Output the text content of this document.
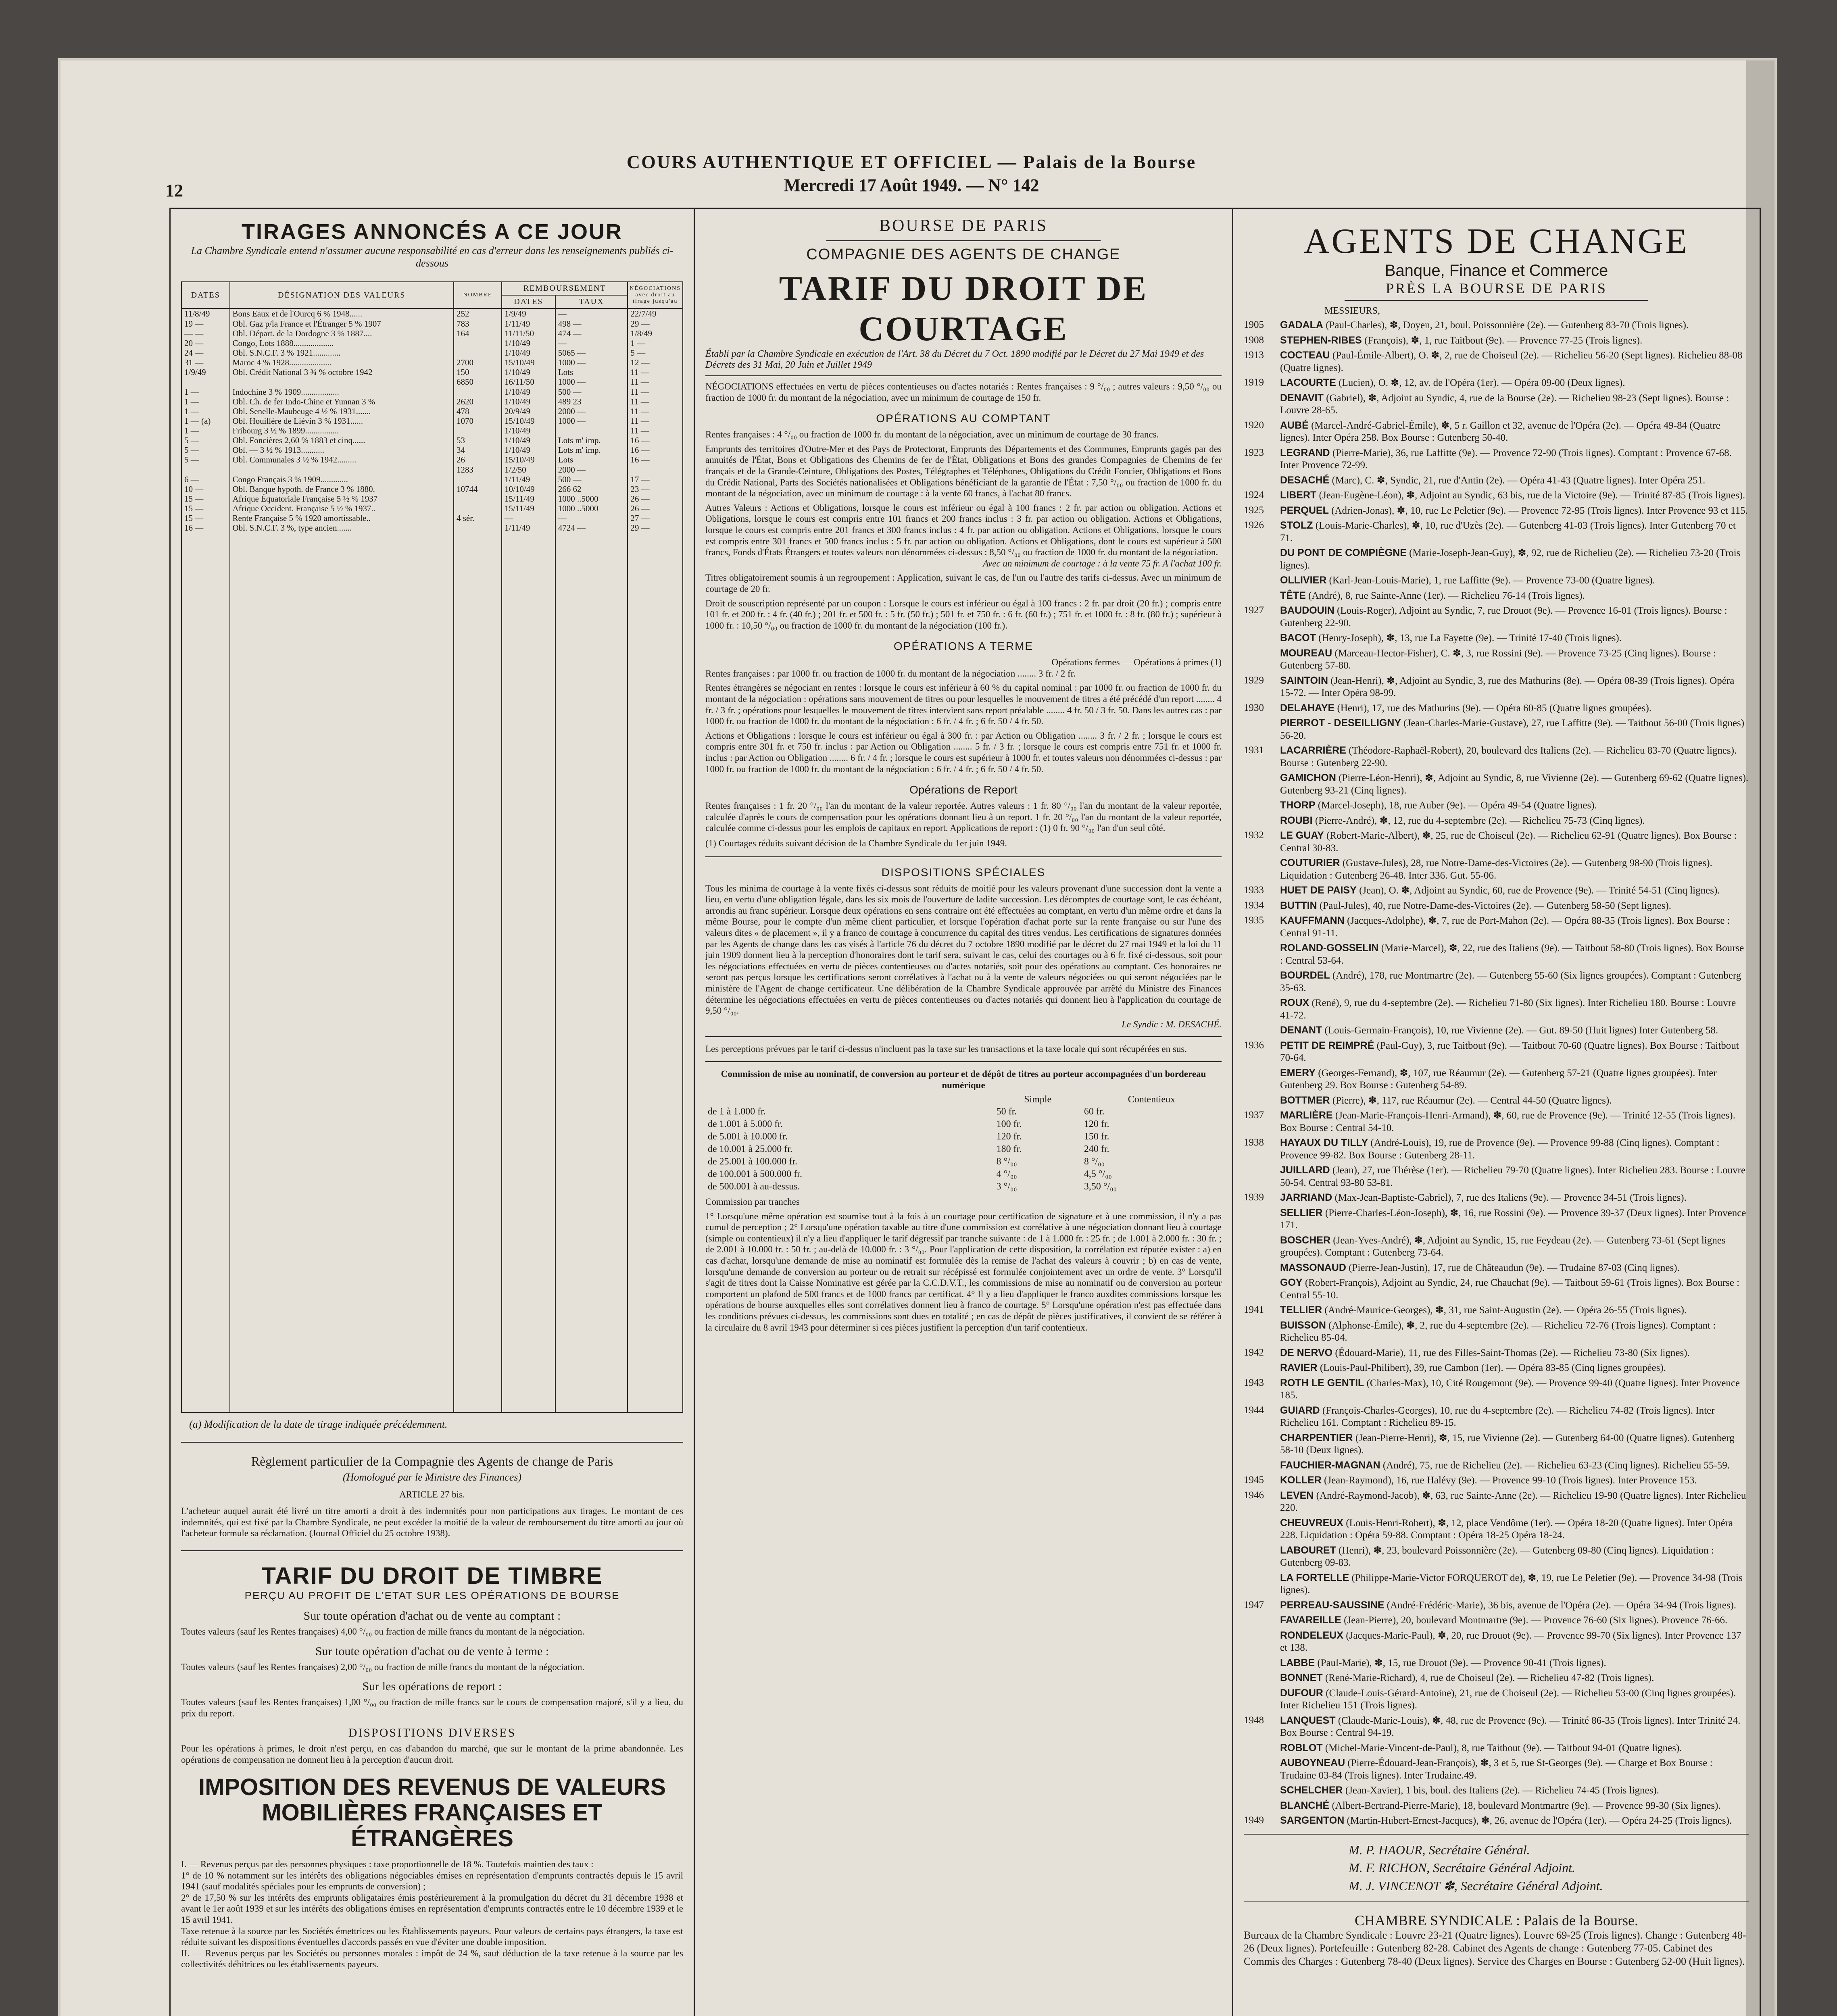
12
COURS AUTHENTIQUE ET OFFICIEL — Palais de la Bourse
Mercredi 17 Août 1949. — N° 142
TIRAGES ANNONCÉS A CE JOUR
La Chambre Syndicale entend n'assumer aucune responsabilité en cas d'erreur dans les renseignements publiés ci-dessous
DATES	DÉSIGNATION DES VALEURS	NOMBRE	REMBOURSEMENT		NÉGOCIATIONS avec droit au tirage jusqu'au
			DATES	TAUX	
11/8/49	Bons Eaux et de l'Ourcq 6 % 1948......	252	1/9/49	—	22/7/49
19 —	Obl. Gaz p/la France et l'Étranger 5 % 1907	783	1/11/49	498 —	29 —
— —	Obl. Départ. de la Dordogne 3 % 1887....	164	11/11/50	474 —	1/8/49
20 —	Congo, Lots 1888...................		1/10/49	—	1 —
24 —	Obl. S.N.C.F. 3 % 1921.............		1/10/49	5065 —	5 —
31 —	Maroc 4 % 1928....................	2700	15/10/49	1000 —	12 —
1/9/49	Obl. Crédit National 3 ¾ % octobre 1942	150	1/10/49	Lots	11 —
		6850	16/11/50	1000 —	11 —
1 —	Indochine 3 % 1909..................		1/10/49	500 —	11 —
1 —	Obl. Ch. de fer Indo-Chine et Yunnan 3 %	2620	1/10/49	489 23	11 —
1 —	Obl. Senelle-Maubeuge 4 ½ % 1931.......	478	20/9/49	2000 —	11 —
1 — (a)	Obl. Houillère de Liévin 3 % 1931......	1070	15/10/49	1000 —	11 —
1 —	Fribourg 3 ½ % 1899................		1/10/49		11 —
5 —	Obl. Foncières 2,60 % 1883 et cinq......	53	1/10/49	Lots m' imp.	16 —
5 —	Obl. — 3 ½ % 1913...........	34	1/10/49	Lots m' imp.	16 —
5 —	Obl. Communales 3 ½ % 1942.........	26	15/10/49	Lots	16 —
		1283	1/2/50	2000 —	
6 —	Congo Français 3 % 1909.............		1/11/49	500 —	17 —
10 —	Obl. Banque hypoth. de France 3 % 1880.	10744	10/10/49	266 62	23 —
15 —	Afrique Équatoriale Française 5 ½ % 1937		15/11/49	1000 ..5000	26 —
15 —	Afrique Occident. Française 5 ½ % 1937..		15/11/49	1000 ..5000	26 —
15 —	Rente Française 5 % 1920 amortissable..	4 sér.	—	—	27 —
16 —	Obl. S.N.C.F. 3 %, type ancien.......		1/11/49	4724 —	29 —

(a) Modification de la date de tirage indiquée précédemment.
Règlement particulier de la Compagnie des Agents de change de Paris
(Homologué par le Ministre des Finances)
ARTICLE 27 bis.
L'acheteur auquel aurait été livré un titre amorti a droit à des indemnités pour non participations aux tirages. Le montant de ces indemnités, qui est fixé par la Chambre Syndicale, ne peut excéder la moitié de la valeur de remboursement du titre amorti au jour où l'acheteur formule sa réclamation. (Journal Officiel du 25 octobre 1938).
TARIF DU DROIT DE TIMBRE
PERÇU AU PROFIT DE L'ETAT SUR LES OPÉRATIONS DE BOURSE
Sur toute opération d'achat ou de vente au comptant :
Toutes valeurs (sauf les Rentes françaises) 4,00 °/₀₀ ou fraction de mille francs du montant de la négociation.
Sur toute opération d'achat ou de vente à terme :
Toutes valeurs (sauf les Rentes françaises) 2,00 °/₀₀ ou fraction de mille francs du montant de la négociation.
Sur les opérations de report :
Toutes valeurs (sauf les Rentes françaises) 1,00 °/₀₀ ou fraction de mille francs sur le cours de compensation majoré, s'il y a lieu, du prix du report.
DISPOSITIONS DIVERSES
Pour les opérations à primes, le droit n'est perçu, en cas d'abandon du marché, que sur le montant de la prime abandonnée. Les opérations de compensation ne donnent lieu à la perception d'aucun droit.
IMPOSITION DES REVENUS DE VALEURS MOBILIÈRES FRANÇAISES ET ÉTRANGÈRES
I. — Revenus perçus par des personnes physiques : taxe proportionnelle de 18 %. Toutefois maintien des taux :
1° de 10 % notamment sur les intérêts des obligations négociables émises en représentation d'emprunts contractés depuis le 15 avril 1941 (sauf modalités spéciales pour les emprunts de conversion) ;
2° de 17,50 % sur les intérêts des emprunts obligataires émis postérieurement à la promulgation du décret du 31 décembre 1938 et avant le 1er août 1939 et sur les intérêts des obligations émises en représentation d'emprunts contractés entre le 10 décembre 1939 et le 15 avril 1941.
Taxe retenue à la source par les Sociétés émettrices ou les Établissements payeurs. Pour valeurs de certains pays étrangers, la taxe est réduite suivant les dispositions éventuelles d'accords passés en vue d'éviter une double imposition.
II. — Revenus perçus par les Sociétés ou personnes morales : impôt de 24 %, sauf déduction de la taxe retenue à la source par les collectivités débitrices ou les établissements payeurs.
BOURSE DE PARIS
COMPAGNIE DES AGENTS DE CHANGE
TARIF DU DROIT DE COURTAGE
Établi par la Chambre Syndicale en exécution de l'Art. 38 du Décret du 7 Oct. 1890 modifié par le Décret du 27 Mai 1949 et des Décrets des 31 Mai, 20 Juin et Juillet 1949
NÉGOCIATIONS effectuées en vertu de pièces contentieuses ou d'actes notariés : Rentes françaises : 9 °/₀₀ ; autres valeurs : 9,50 °/₀₀ ou fraction de 1000 fr. du montant de la négociation, avec un minimum de courtage de 150 fr.
OPÉRATIONS AU COMPTANT
Rentes françaises : 4 °/₀₀ ou fraction de 1000 fr. du montant de la négociation, avec un minimum de courtage de 30 francs.
Emprunts des territoires d'Outre-Mer et des Pays de Protectorat, Emprunts des Départements et des Communes, Emprunts gagés par des annuités de l'État, Bons et Obligations des Chemins de fer de l'État, Obligations et Bons des grandes Compagnies de Chemins de fer français et de la Grande-Ceinture, Obligations des Postes, Télégraphes et Téléphones, Obligations du Crédit Foncier, Obligations et Bons du Crédit National, Parts des Sociétés nationalisées et Obligations bénéficiant de la garantie de l'État : 7,50 °/₀₀ ou fraction de 1000 fr. du montant de la négociation, avec un minimum de courtage : à la vente 60 francs, à l'achat 80 francs.
Autres Valeurs : Actions et Obligations, lorsque le cours est inférieur ou égal à 100 francs : 2 fr. par action ou obligation. Actions et Obligations, lorsque le cours est compris entre 101 francs et 200 francs inclus : 3 fr. par action ou obligation. Actions et Obligations, lorsque le cours est compris entre 201 francs et 300 francs inclus : 4 fr. par action ou obligation. Actions et Obligations, lorsque le cours est compris entre 301 francs et 500 francs inclus : 5 fr. par action ou obligation. Actions et Obligations, dont le cours est supérieur à 500 francs, Fonds d'États Étrangers et toutes valeurs non dénommées ci-dessus : 8,50 °/₀₀ ou fraction de 1000 fr. du montant de la négociation.
Avec un minimum de courtage : à la vente 75 fr. A l'achat 100 fr.
Titres obligatoirement soumis à un regroupement : Application, suivant le cas, de l'un ou l'autre des tarifs ci-dessus. Avec un minimum de courtage de 20 fr.
Droit de souscription représenté par un coupon : Lorsque le cours est inférieur ou égal à 100 francs : 2 fr. par droit (20 fr.) ; compris entre 101 fr. et 200 fr. : 4 fr. (40 fr.) ; 201 fr. et 500 fr. : 5 fr. (50 fr.) ; 501 fr. et 750 fr. : 6 fr. (60 fr.) ; 751 fr. et 1000 fr. : 8 fr. (80 fr.) ; supérieur à 1000 fr. : 10,50 °/₀₀ ou fraction de 1000 fr. du montant de la négociation (100 fr.).
OPÉRATIONS A TERME
Opérations fermes — Opérations à primes (1)
Rentes françaises : par 1000 fr. ou fraction de 1000 fr. du montant de la négociation ........ 3 fr. / 2 fr.
Rentes étrangères se négociant en rentes : lorsque le cours est inférieur à 60 % du capital nominal : par 1000 fr. ou fraction de 1000 fr. du montant de la négociation : opérations sans mouvement de titres ou pour lesquelles le mouvement de titres a été précédé d'un report ........ 4 fr. / 3 fr. ; opérations pour lesquelles le mouvement de titres intervient sans report préalable ........ 4 fr. 50 / 3 fr. 50. Dans les autres cas : par 1000 fr. ou fraction de 1000 fr. du montant de la négociation : 6 fr. / 4 fr. ; 6 fr. 50 / 4 fr. 50.
Actions et Obligations : lorsque le cours est inférieur ou égal à 300 fr. : par Action ou Obligation ........ 3 fr. / 2 fr. ; lorsque le cours est compris entre 301 fr. et 750 fr. inclus : par Action ou Obligation ........ 5 fr. / 3 fr. ; lorsque le cours est compris entre 751 fr. et 1000 fr. inclus : par Action ou Obligation ........ 6 fr. / 4 fr. ; lorsque le cours est supérieur à 1000 fr. et toutes valeurs non dénommées ci-dessus : par 1000 fr. ou fraction de 1000 fr. du montant de la négociation : 6 fr. / 4 fr. ; 6 fr. 50 / 4 fr. 50.
Opérations de Report
Rentes françaises : 1 fr. 20 °/₀₀ l'an du montant de la valeur reportée. Autres valeurs : 1 fr. 80 °/₀₀ l'an du montant de la valeur reportée, calculée d'après le cours de compensation pour les opérations donnant lieu à un report. 1 fr. 20 °/₀₀ l'an du montant de la valeur reportée, calculée comme ci-dessus pour les emplois de capitaux en report. Applications de report : (1) 0 fr. 90 °/₀₀ l'an d'un seul côté.
(1) Courtages réduits suivant décision de la Chambre Syndicale du 1er juin 1949.
DISPOSITIONS SPÉCIALES
Tous les minima de courtage à la vente fixés ci-dessus sont réduits de moitié pour les valeurs provenant d'une succession dont la vente a lieu, en vertu d'une obligation légale, dans les six mois de l'ouverture de ladite succession. Les décomptes de courtage sont, le cas échéant, arrondis au franc supérieur. Lorsque deux opérations en sens contraire ont été effectuées au comptant, en vertu d'un même ordre et dans la même Bourse, pour le compte d'un même client particulier, et lorsque l'opération d'achat porte sur la rente française ou sur l'une des valeurs dites « de placement », il y a franco de courtage à concurrence du capital des titres vendus. Les certifications de signatures données par les Agents de change dans les cas visés à l'article 76 du décret du 7 octobre 1890 modifié par le décret du 27 mai 1949 et la loi du 11 juin 1909 donnent lieu à la perception d'honoraires dont le tarif sera, suivant le cas, celui des courtages ou à 6 fr. fixé ci-dessous, soit pour les négociations effectuées en vertu de pièces contentieuses ou d'actes notariés, soit pour des opérations au comptant. Ces honoraires ne seront pas perçus lorsque les certifications seront corrélatives à l'achat ou à la vente de valeurs négociées ou qui seront négociées par le ministère de l'Agent de change certificateur. Une délibération de la Chambre Syndicale approuvée par arrêté du Ministre des Finances détermine les négociations effectuées en vertu de pièces contentieuses ou d'actes notariés qui donnent lieu à l'application du courtage de 9,50 °/₀₀.
Le Syndic : M. DESACHÉ.
Les perceptions prévues par le tarif ci-dessus n'incluent pas la taxe sur les transactions et la taxe locale qui sont récupérées en sus.
Commission de mise au nominatif, de conversion au porteur et de dépôt de titres au porteur accompagnées d'un bordereau numérique
	Simple	Contentieux
de 1 à 1.000 fr.	50 fr.	60 fr.
de 1.001 à 5.000 fr.	100 fr.	120 fr.
de 5.001 à 10.000 fr.	120 fr.	150 fr.
de 10.001 à 25.000 fr.	180 fr.	240 fr.
de 25.001 à 100.000 fr.	8 °/₀₀	8 °/₀₀
de 100.001 à 500.000 fr.	4 °/₀₀	4,5 °/₀₀
de 500.001 à au-dessus.	3 °/₀₀	3,50 °/₀₀
Commission par tranches
1° Lorsqu'une même opération est soumise tout à la fois à un courtage pour certification de signature et à une commission, il n'y a pas cumul de perception ; 2° Lorsqu'une opération taxable au titre d'une commission est corrélative à une négociation donnant lieu à courtage (simple ou contentieux) il n'y a lieu d'appliquer le tarif dégressif par tranche suivante : de 1 à 1.000 fr. : 25 fr. ; de 1.001 à 2.000 fr. : 30 fr. ; de 2.001 à 10.000 fr. : 50 fr. ; au-delà de 10.000 fr. : 3 °/₀₀. Pour l'application de cette disposition, la corrélation est réputée exister : a) en cas d'achat, lorsqu'une demande de mise au nominatif est formulée dès la remise de l'achat des valeurs à couvrir ; b) en cas de vente, lorsqu'une demande de conversion au porteur ou de retrait sur récépissé est formulée conjointement avec un ordre de vente. 3° Lorsqu'il s'agit de titres dont la Caisse Nominative est gérée par la C.C.D.V.T., les commissions de mise au nominatif ou de conversion au porteur comportent un plafond de 500 francs et de 1000 francs par certificat. 4° Il y a lieu d'appliquer le franco auxdites commissions lorsque les opérations de bourse auxquelles elles sont corrélatives donnent lieu à franco de courtage. 5° Lorsqu'une opération n'est pas effectuée dans les conditions prévues ci-dessus, les commissions sont dues en totalité ; en cas de dépôt de pièces justificatives, il convient de se référer à la circulaire du 8 avril 1943 pour déterminer si ces pièces justifient la perception d'un tarif contentieux.
AGENTS DE CHANGE
Banque, Finance et Commerce
PRÈS LA BOURSE DE PARIS
MESSIEURS,
1905	GADALA (Paul-Charles), ✽, Doyen, 21, boul. Poissonnière (2e). — Gutenberg 83-70 (Trois lignes).
1908	STEPHEN-RIBES (François), ✽, 1, rue Taitbout (9e). — Provence 77-25 (Trois lignes).
1913	COCTEAU (Paul-Émile-Albert), O. ✽, 2, rue de Choiseul (2e). — Richelieu 56-20 (Sept lignes). Richelieu 88-08 (Quatre lignes).
1919	LACOURTE (Lucien), O. ✽, 12, av. de l'Opéra (1er). — Opéra 09-00 (Deux lignes).
DENAVIT (Gabriel), ✽, Adjoint au Syndic, 4, rue de la Bourse (2e). — Richelieu 98-23 (Sept lignes). Bourse : Louvre 28-65.
1920	AUBÉ (Marcel-André-Gabriel-Émile), ✽, 5 r. Gaillon et 32, avenue de l'Opéra (2e). — Opéra 49-84 (Quatre lignes). Inter Opéra 258. Box Bourse : Gutenberg 50-40.
1923	LEGRAND (Pierre-Marie), 36, rue Laffitte (9e). — Provence 72-90 (Trois lignes). Comptant : Provence 67-68. Inter Provence 72-99.
DESACHÉ (Marc), C. ✽, Syndic, 21, rue d'Antin (2e). — Opéra 41-43 (Quatre lignes). Inter Opéra 251.
1924	LIBERT (Jean-Eugène-Léon), ✽, Adjoint au Syndic, 63 bis, rue de la Victoire (9e). — Trinité 87-85 (Trois lignes).
1925	PERQUEL (Adrien-Jonas), ✽, 10, rue Le Peletier (9e). — Provence 72-95 (Trois lignes). Inter Provence 93 et 115.
1926	STOLZ (Louis-Marie-Charles), ✽, 10, rue d'Uzès (2e). — Gutenberg 41-03 (Trois lignes). Inter Gutenberg 70 et 71.
DU PONT DE COMPIÈGNE (Marie-Joseph-Jean-Guy), ✽, 92, rue de Richelieu (2e). — Richelieu 73-20 (Trois lignes).
OLLIVIER (Karl-Jean-Louis-Marie), 1, rue Laffitte (9e). — Provence 73-00 (Quatre lignes).
TÊTE (André), 8, rue Sainte-Anne (1er). — Richelieu 76-14 (Trois lignes).
1927	BAUDOUIN (Louis-Roger), Adjoint au Syndic, 7, rue Drouot (9e). — Provence 16-01 (Trois lignes). Bourse : Gutenberg 22-90.
BACOT (Henry-Joseph), ✽, 13, rue La Fayette (9e). — Trinité 17-40 (Trois lignes).
MOUREAU (Marceau-Hector-Fisher), C. ✽, 3, rue Rossini (9e). — Provence 73-25 (Cinq lignes). Bourse : Gutenberg 57-80.
1929	SAINTOIN (Jean-Henri), ✽, Adjoint au Syndic, 3, rue des Mathurins (8e). — Opéra 08-39 (Trois lignes). Opéra 15-72. — Inter Opéra 98-99.
1930	DELAHAYE (Henri), 17, rue des Mathurins (9e). — Opéra 60-85 (Quatre lignes groupées).
PIERROT - DESEILLIGNY (Jean-Charles-Marie-Gustave), 27, rue Laffitte (9e). — Taitbout 56-00 (Trois lignes) 56-20.
1931	LACARRIÈRE (Théodore-Raphaël-Robert), 20, boulevard des Italiens (2e). — Richelieu 83-70 (Quatre lignes). Bourse : Gutenberg 22-90.
GAMICHON (Pierre-Léon-Henri), ✽, Adjoint au Syndic, 8, rue Vivienne (2e). — Gutenberg 69-62 (Quatre lignes). Gutenberg 93-21 (Cinq lignes).
THORP (Marcel-Joseph), 18, rue Auber (9e). — Opéra 49-54 (Quatre lignes).
ROUBI (Pierre-André), ✽, 12, rue du 4-septembre (2e). — Richelieu 75-73 (Cinq lignes).
1932	LE GUAY (Robert-Marie-Albert), ✽, 25, rue de Choiseul (2e). — Richelieu 62-91 (Quatre lignes). Box Bourse : Central 30-83.
COUTURIER (Gustave-Jules), 28, rue Notre-Dame-des-Victoires (2e). — Gutenberg 98-90 (Trois lignes). Liquidation : Gutenberg 26-48. Inter 336. Gut. 55-06.
1933	HUET DE PAISY (Jean), O. ✽, Adjoint au Syndic, 60, rue de Provence (9e). — Trinité 54-51 (Cinq lignes).
1934	BUTTIN (Paul-Jules), 40, rue Notre-Dame-des-Victoires (2e). — Gutenberg 58-50 (Sept lignes).
1935	KAUFFMANN (Jacques-Adolphe), ✽, 7, rue de Port-Mahon (2e). — Opéra 88-35 (Trois lignes). Box Bourse : Central 91-11.
ROLAND-GOSSELIN (Marie-Marcel), ✽, 22, rue des Italiens (9e). — Taitbout 58-80 (Trois lignes). Box Bourse : Central 53-64.
BOURDEL (André), 178, rue Montmartre (2e). — Gutenberg 55-60 (Six lignes groupées). Comptant : Gutenberg 35-63.
ROUX (René), 9, rue du 4-septembre (2e). — Richelieu 71-80 (Six lignes). Inter Richelieu 180. Bourse : Louvre 41-72.
DENANT (Louis-Germain-François), 10, rue Vivienne (2e). — Gut. 89-50 (Huit lignes) Inter Gutenberg 58.
1936	PETIT DE REIMPRÉ (Paul-Guy), 3, rue Taitbout (9e). — Taitbout 70-60 (Quatre lignes). Box Bourse : Taitbout 70-64.
EMERY (Georges-Fernand), ✽, 107, rue Réaumur (2e). — Gutenberg 57-21 (Quatre lignes groupées). Inter Gutenberg 29. Box Bourse : Gutenberg 54-89.
BOTTMER (Pierre), ✽, 117, rue Réaumur (2e). — Central 44-50 (Quatre lignes).
1937	MARLIÈRE (Jean-Marie-François-Henri-Armand), ✽, 60, rue de Provence (9e). — Trinité 12-55 (Trois lignes). Box Bourse : Central 54-10.
1938	HAYAUX DU TILLY (André-Louis), 19, rue de Provence (9e). — Provence 99-88 (Cinq lignes). Comptant : Provence 99-82. Box Bourse : Gutenberg 28-11.
JUILLARD (Jean), 27, rue Thérèse (1er). — Richelieu 79-70 (Quatre lignes). Inter Richelieu 283. Bourse : Louvre 50-54. Central 93-80 53-81.
1939	JARRIAND (Max-Jean-Baptiste-Gabriel), 7, rue des Italiens (9e). — Provence 34-51 (Trois lignes).
SELLIER (Pierre-Charles-Léon-Joseph), ✽, 16, rue Rossini (9e). — Provence 39-37 (Deux lignes). Inter Provence 171.
BOSCHER (Jean-Yves-André), ✽, Adjoint au Syndic, 15, rue Feydeau (2e). — Gutenberg 73-61 (Sept lignes groupées). Comptant : Gutenberg 73-64.
MASSONAUD (Pierre-Jean-Justin), 17, rue de Châteaudun (9e). — Trudaine 87-03 (Cinq lignes).
GOY (Robert-François), Adjoint au Syndic, 24, rue Chauchat (9e). — Taitbout 59-61 (Trois lignes). Box Bourse : Central 55-10.
1941	TELLIER (André-Maurice-Georges), ✽, 31, rue Saint-Augustin (2e). — Opéra 26-55 (Trois lignes).
BUISSON (Alphonse-Émile), ✽, 2, rue du 4-septembre (2e). — Richelieu 72-76 (Trois lignes). Comptant : Richelieu 85-04.
1942	DE NERVO (Édouard-Marie), 11, rue des Filles-Saint-Thomas (2e). — Richelieu 73-80 (Six lignes).
RAVIER (Louis-Paul-Philibert), 39, rue Cambon (1er). — Opéra 83-85 (Cinq lignes groupées).
1943	ROTH LE GENTIL (Charles-Max), 10, Cité Rougemont (9e). — Provence 99-40 (Quatre lignes). Inter Provence 185.
1944	GUIARD (François-Charles-Georges), 10, rue du 4-septembre (2e). — Richelieu 74-82 (Trois lignes). Inter Richelieu 161. Comptant : Richelieu 89-15.
CHARPENTIER (Jean-Pierre-Henri), ✽, 15, rue Vivienne (2e). — Gutenberg 64-00 (Quatre lignes). Gutenberg 58-10 (Deux lignes).
FAUCHIER-MAGNAN (André), 75, rue de Richelieu (2e). — Richelieu 63-23 (Cinq lignes). Richelieu 55-59.
1945	KOLLER (Jean-Raymond), 16, rue Halévy (9e). — Provence 99-10 (Trois lignes). Inter Provence 153.
1946	LEVEN (André-Raymond-Jacob), ✽, 63, rue Sainte-Anne (2e). — Richelieu 19-90 (Quatre lignes). Inter Richelieu 220.
CHEUVREUX (Louis-Henri-Robert), ✽, 12, place Vendôme (1er). — Opéra 18-20 (Quatre lignes). Inter Opéra 228. Liquidation : Opéra 59-88. Comptant : Opéra 18-25 Opéra 18-24.
LABOURET (Henri), ✽, 23, boulevard Poissonnière (2e). — Gutenberg 09-80 (Cinq lignes). Liquidation : Gutenberg 09-83.
LA FORTELLE (Philippe-Marie-Victor FORQUEROT de), ✽, 19, rue Le Peletier (9e). — Provence 34-98 (Trois lignes).
1947	PERREAU-SAUSSINE (André-Frédéric-Marie), 36 bis, avenue de l'Opéra (2e). — Opéra 34-94 (Trois lignes).
FAVAREILLE (Jean-Pierre), 20, boulevard Montmartre (9e). — Provence 76-60 (Six lignes). Provence 76-66.
RONDELEUX (Jacques-Marie-Paul), ✽, 20, rue Drouot (9e). — Provence 99-70 (Six lignes). Inter Provence 137 et 138.
LABBE (Paul-Marie), ✽, 15, rue Drouot (9e). — Provence 90-41 (Trois lignes).
BONNET (René-Marie-Richard), 4, rue de Choiseul (2e). — Richelieu 47-82 (Trois lignes).
DUFOUR (Claude-Louis-Gérard-Antoine), 21, rue de Choiseul (2e). — Richelieu 53-00 (Cinq lignes groupées). Inter Richelieu 151 (Trois lignes).
1948	LANQUEST (Claude-Marie-Louis), ✽, 48, rue de Provence (9e). — Trinité 86-35 (Trois lignes). Inter Trinité 24. Box Bourse : Central 94-19.
ROBLOT (Michel-Marie-Vincent-de-Paul), 8, rue Taitbout (9e). — Taitbout 94-01 (Quatre lignes).
AUBOYNEAU (Pierre-Édouard-Jean-François), ✽, 3 et 5, rue St-Georges (9e). — Charge et Box Bourse : Trudaine 03-84 (Trois lignes). Inter Trudaine.49.
SCHELCHER (Jean-Xavier), 1 bis, boul. des Italiens (2e). — Richelieu 74-45 (Trois lignes).
BLANCHÉ (Albert-Bertrand-Pierre-Marie), 18, boulevard Montmartre (9e). — Provence 99-30 (Six lignes).
1949	SARGENTON (Martin-Hubert-Ernest-Jacques), ✽, 26, avenue de l'Opéra (1er). — Opéra 24-25 (Trois lignes).
M. P. HAOUR, Secrétaire Général.
M. F. RICHON, Secrétaire Général Adjoint.
M. J. VINCENOT ✽, Secrétaire Général Adjoint.
CHAMBRE SYNDICALE : Palais de la Bourse.
Bureaux de la Chambre Syndicale : Louvre 23-21 (Quatre lignes). Louvre 69-25 (Trois lignes). Change : Gutenberg 48-26 (Deux lignes). Portefeuille : Gutenberg 82-28. Cabinet des Agents de change : Gutenberg 77-05. Cabinet des Commis des Charges : Gutenberg 78-40 (Deux lignes). Service des Charges en Bourse : Gutenberg 52-00 (Huit lignes).
